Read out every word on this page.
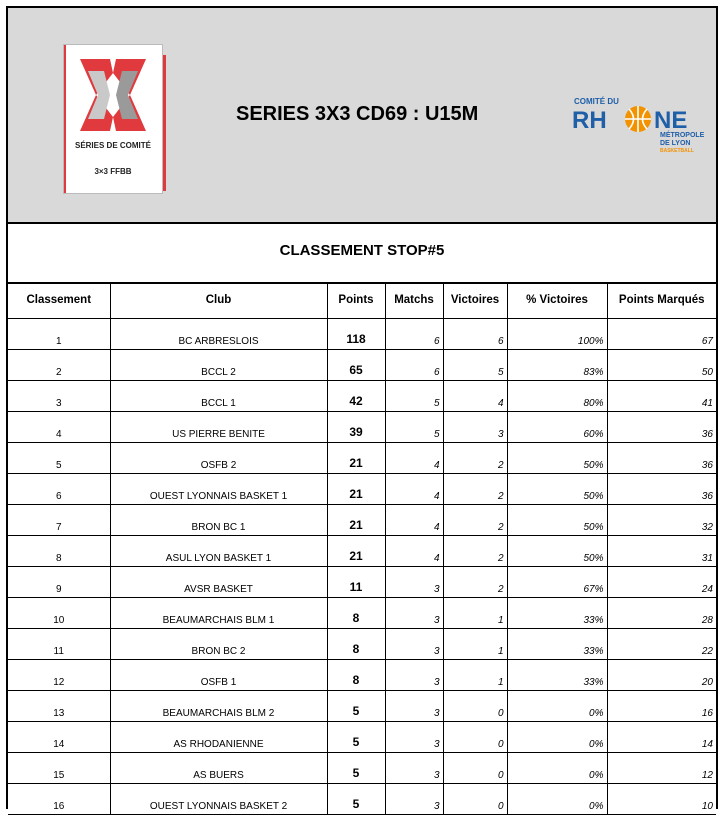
SÉRIES DE COMITÉ
3×3 FFBB
SERIES 3X3 CD69 : U15M
COMITÉ DU
RH NE
MÉTROPOLE
DE LYON
BASKETBALL
CLASSEMENT STOP#5
Classement	Club	Points	Matchs	Victoires	% Victoires	Points Marqués

1	BC ARBRESLOIS	118	6	6	100%	67

2	BCCL 2	65	6	5	83%	50

3	BCCL 1	42	5	4	80%	41

4	US PIERRE BENITE	39	5	3	60%	36

5	OSFB 2	21	4	2	50%	36

6	OUEST LYONNAIS BASKET 1	21	4	2	50%	36

7	BRON BC 1	21	4	2	50%	32

8	ASUL LYON BASKET 1	21	4	2	50%	31

9	AVSR BASKET	11	3	2	67%	24

10	BEAUMARCHAIS BLM 1	8	3	1	33%	28

11	BRON BC 2	8	3	1	33%	22

12	OSFB 1	8	3	1	33%	20

13	BEAUMARCHAIS BLM 2	5	3	0	0%	16

14	AS RHODANIENNE	5	3	0	0%	14

15	AS BUERS	5	3	0	0%	12

16	OUEST LYONNAIS BASKET 2	5	3	0	0%	10
